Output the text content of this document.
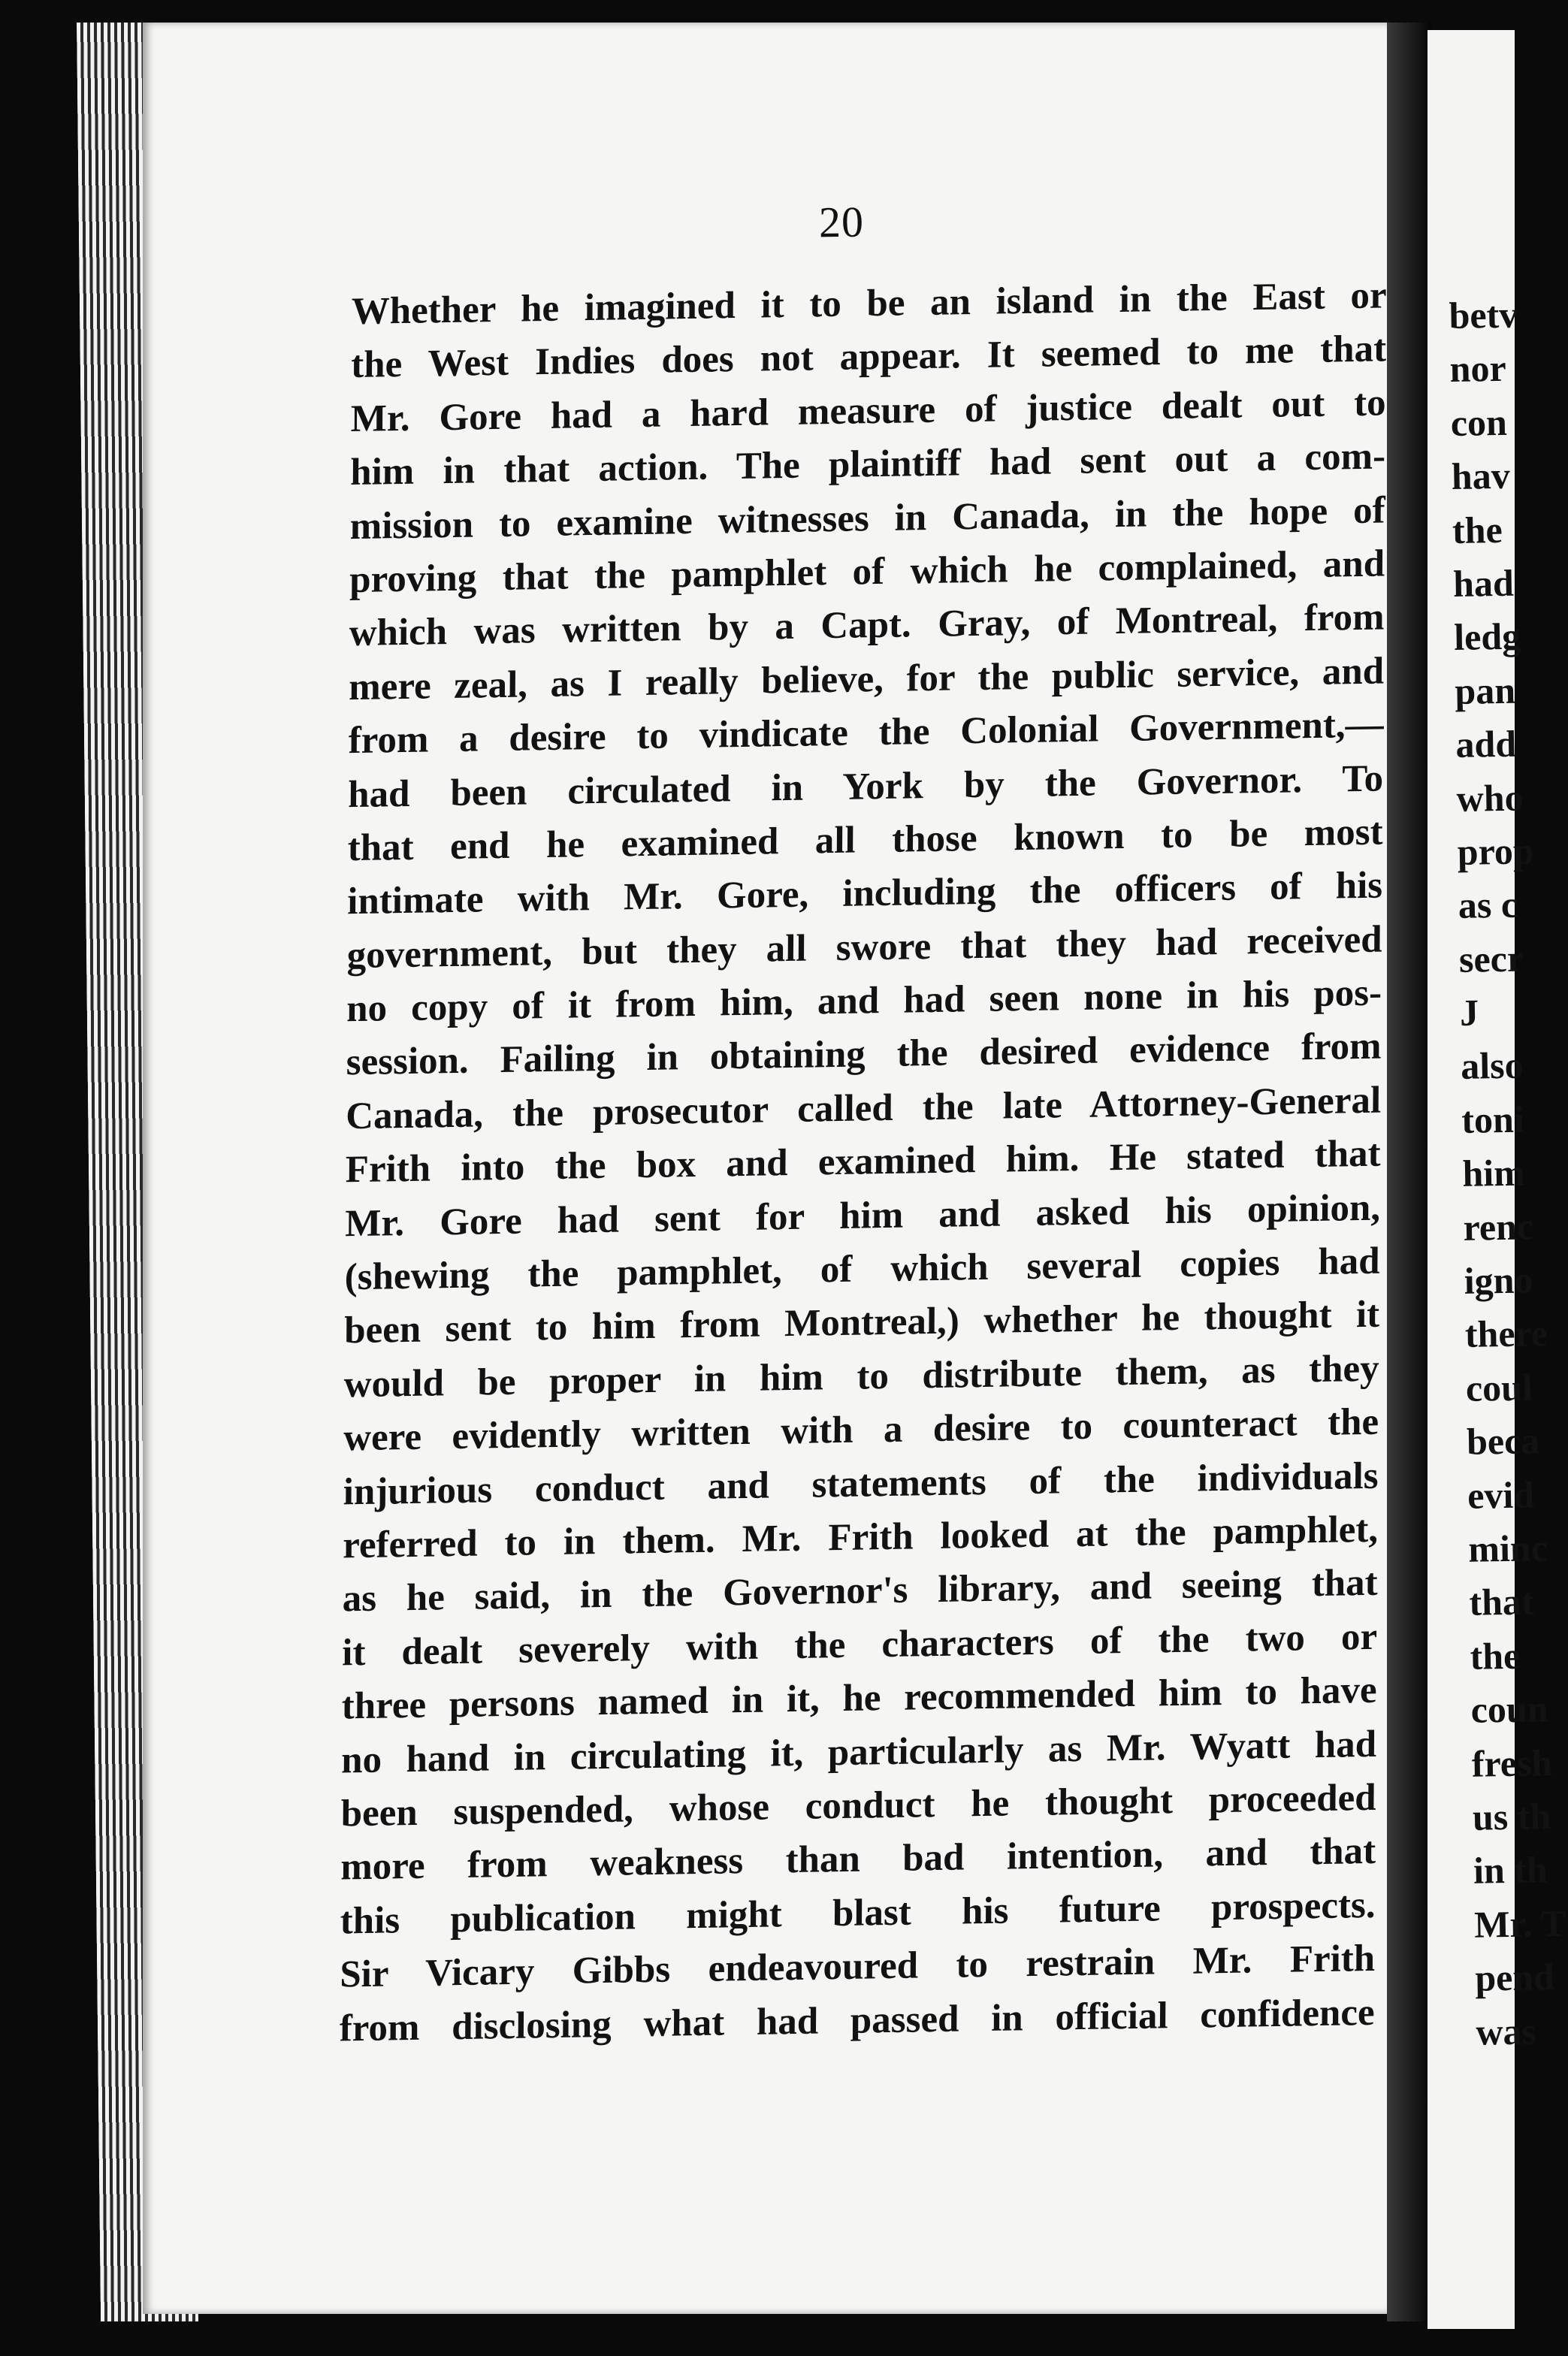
20
Whether he imagined it to be an island in the East or
the West Indies does not appear. It seemed to me that
Mr. Gore had a hard measure of justice dealt out to
him in that action. The plaintiff had sent out a com-
mission to examine witnesses in Canada, in the hope of
proving that the pamphlet of which he complained, and
which was written by a Capt. Gray, of Montreal, from
mere zeal, as I really believe, for the public service, and
from a desire to vindicate the Colonial Government,—
had been circulated in York by the Governor. To
that end he examined all those known to be most
intimate with Mr. Gore, including the officers of his
government, but they all swore that they had received
no copy of it from him, and had seen none in his pos-
session. Failing in obtaining the desired evidence from
Canada, the prosecutor called the late Attorney-General
Frith into the box and examined him. He stated that
Mr. Gore had sent for him and asked his opinion,
(shewing the pamphlet, of which several copies had
been sent to him from Montreal,) whether he thought it
would be proper in him to distribute them, as they
were evidently written with a desire to counteract the
injurious conduct and statements of the individuals
referred to in them. Mr. Frith looked at the pamphlet,
as he said, in the Governor's library, and seeing that
it dealt severely with the characters of the two or
three persons named in it, he recommended him to have
no hand in circulating it, particularly as Mr. Wyatt had
been suspended, whose conduct he thought proceeded
more from weakness than bad intention, and that
this publication might blast his future prospects.
Sir Vicary Gibbs endeavoured to restrain Mr. Frith
from disclosing what had passed in official confidence
betv
nor
con
hav
the
had
ledg
pan
add
who
prop
as c
secr
J
also
toni
him
renc
igno
there
coul
beca
evid
minc
that
the
coun
fresh
us th
in th
Mr. T
pend
was
